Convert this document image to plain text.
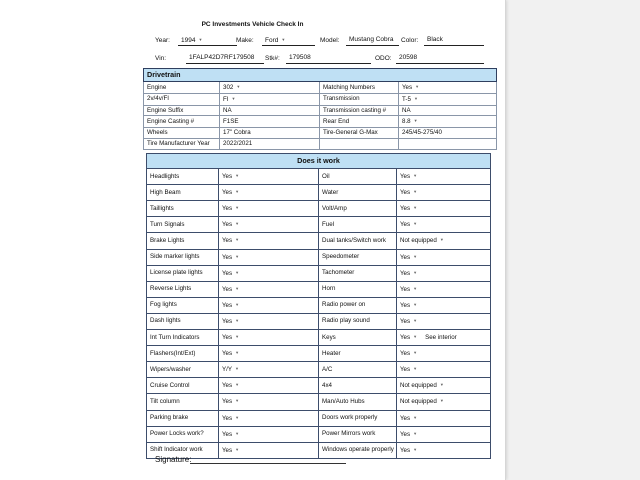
PC Investments Vehicle Check In
Year:	1994 ▼	Make:	Ford ▼	Model:	Mustang Cobra	Color:	Black
Vin:	1FALP42D7RF179508	Stk#:	179508	ODO:	20598
Drivetrain			
Engine	302 ▼	Matching Numbers	Yes ▼
2v/4v/FI	FI ▼	Transmission	T-5 ▼
Engine Suffix	NA	Transmission casting #	NA
Engine Casting #	F1SE	Rear End	8.8 ▼
Wheels	17" Cobra	Tire-General G-Max	245/45-275/40
Tire Manufacturer Year	2022/2021		
Does it work			
Headlights	Yes ▼	Oil	Yes ▼
High Beam	Yes ▼	Water	Yes ▼
Taillights	Yes ▼	Volt/Amp	Yes ▼
Turn Signals	Yes ▼	Fuel	Yes ▼
Brake Lights	Yes ▼	Dual tanks/Switch work	Not equipped ▼
Side marker lights	Yes ▼	Speedometer	Yes ▼
License plate lights	Yes ▼	Tachometer	Yes ▼
Reverse Lights	Yes ▼	Horn	Yes ▼
Fog lights	Yes ▼	Radio power on	Yes ▼
Dash lights	Yes ▼	Radio play sound	Yes ▼
Int Turn Indicators	Yes ▼	Keys	Yes ▼ See interior
Flashers(Int/Ext)	Yes ▼	Heater	Yes ▼
Wipers/washer	Y/Y ▼	A/C	Yes ▼
Cruise Control	Yes ▼	4x4	Not equipped ▼
Tilt column	Yes ▼	Man/Auto Hubs	Not equipped ▼
Parking brake	Yes ▼	Doors work properly	Yes ▼
Power Locks work?	Yes ▼	Power Mirrors work	Yes ▼
Shift Indicator work	Yes ▼	Windows operate properly	Yes ▼
Signature:
